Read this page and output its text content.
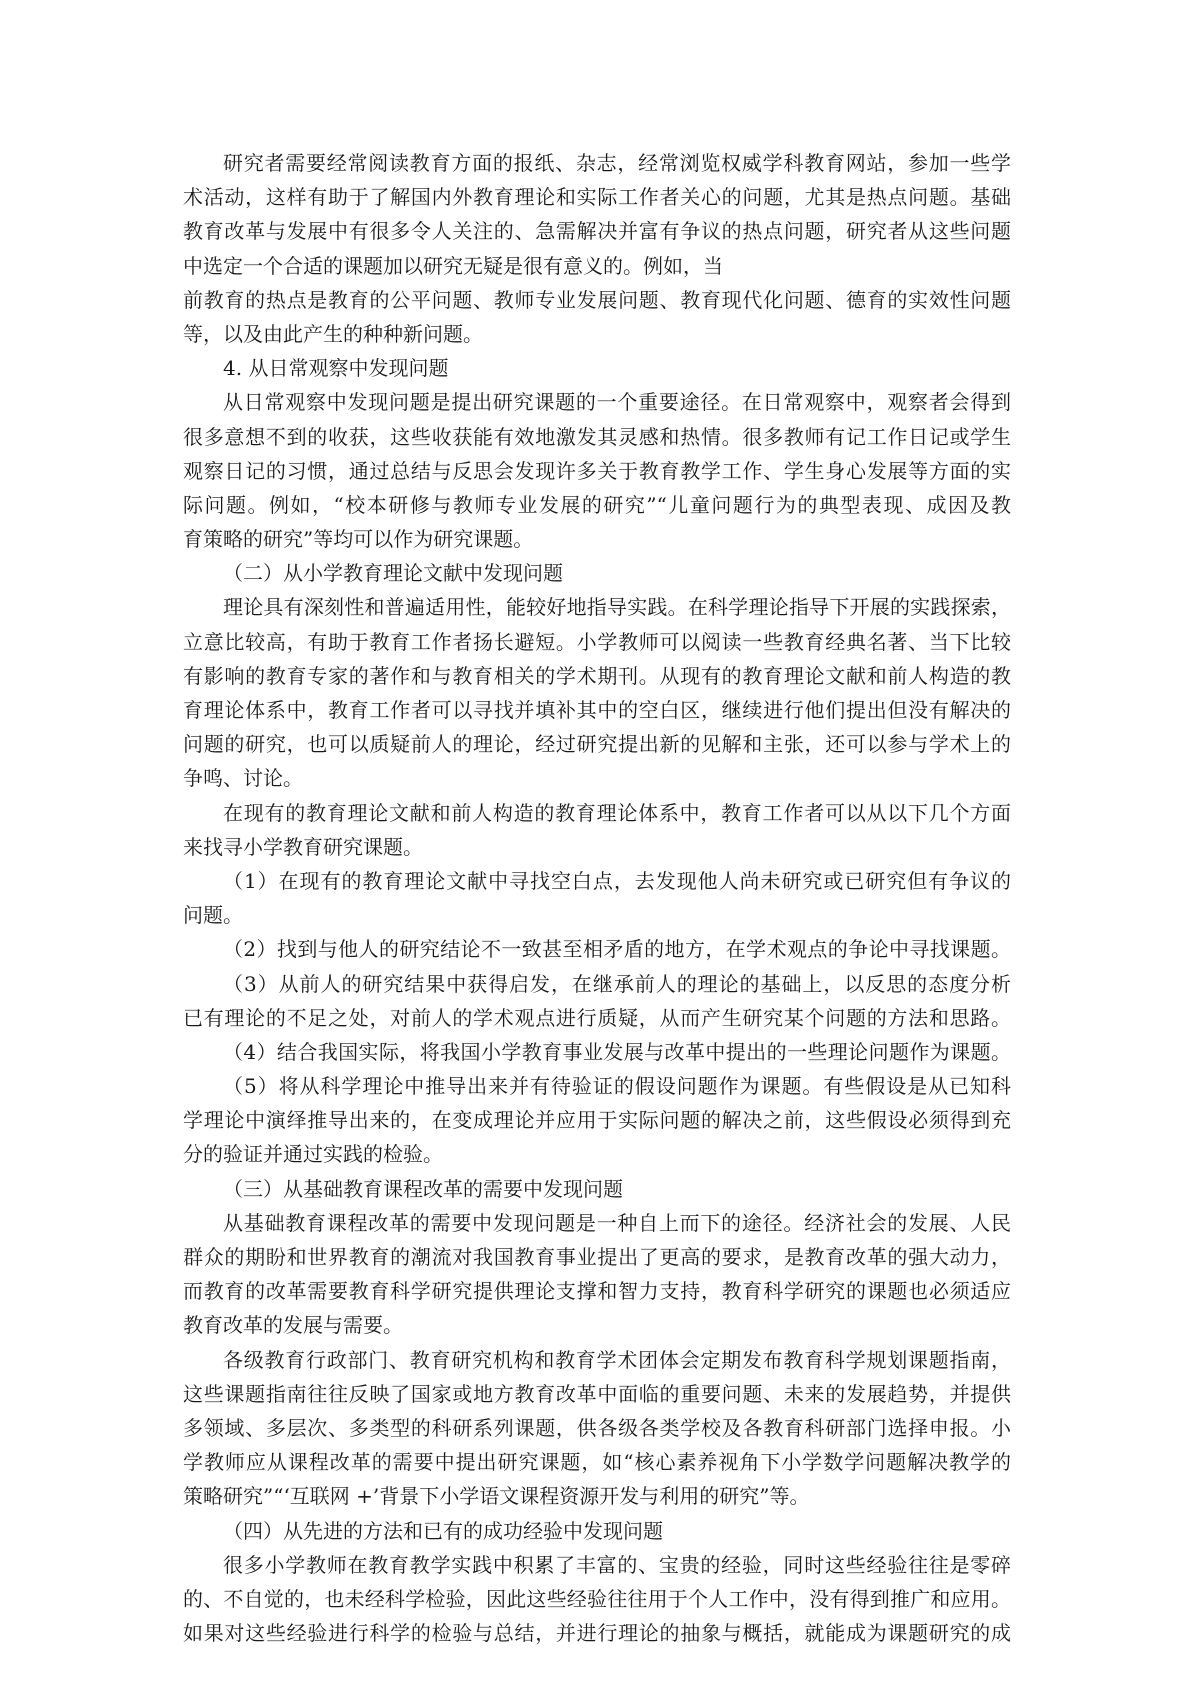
研究者需要经常阅读教育方面的报纸、杂志，经常浏览权威学科教育网站，参加一些学
术活动，这样有助于了解国内外教育理论和实际工作者关心的问题，尤其是热点问题。基础
教育改革与发展中有很多令人关注的、急需解决并富有争议的热点问题，研究者从这些问题
中选定一个合适的课题加以研究无疑是很有意义的。例如，当
前教育的热点是教育的公平问题、教师专业发展问题、教育现代化问题、德育的实效性问题
等，以及由此产生的种种新问题。
4. 从日常观察中发现问题
从日常观察中发现问题是提出研究课题的一个重要途径。在日常观察中，观察者会得到
很多意想不到的收获，这些收获能有效地激发其灵感和热情。很多教师有记工作日记或学生
观察日记的习惯，通过总结与反思会发现许多关于教育教学工作、学生身心发展等方面的实
际问题。例如，“校本研修与教师专业发展的研究”“儿童问题行为的典型表现、成因及教
育策略的研究”等均可以作为研究课题。
（二）从小学教育理论文献中发现问题
理论具有深刻性和普遍适用性，能较好地指导实践。在科学理论指导下开展的实践探索，
立意比较高，有助于教育工作者扬长避短。小学教师可以阅读一些教育经典名著、当下比较
有影响的教育专家的著作和与教育相关的学术期刊。从现有的教育理论文献和前人构造的教
育理论体系中，教育工作者可以寻找并填补其中的空白区，继续进行他们提出但没有解决的
问题的研究，也可以质疑前人的理论，经过研究提出新的见解和主张，还可以参与学术上的
争鸣、讨论。
在现有的教育理论文献和前人构造的教育理论体系中，教育工作者可以从以下几个方面
来找寻小学教育研究课题。
（1）在现有的教育理论文献中寻找空白点，去发现他人尚未研究或已研究但有争议的
问题。
（2）找到与他人的研究结论不一致甚至相矛盾的地方，在学术观点的争论中寻找课题。
（3）从前人的研究结果中获得启发，在继承前人的理论的基础上，以反思的态度分析
已有理论的不足之处，对前人的学术观点进行质疑，从而产生研究某个问题的方法和思路。
（4）结合我国实际，将我国小学教育事业发展与改革中提出的一些理论问题作为课题。
（5）将从科学理论中推导出来并有待验证的假设问题作为课题。有些假设是从已知科
学理论中演绎推导出来的，在变成理论并应用于实际问题的解决之前，这些假设必须得到充
分的验证并通过实践的检验。
（三）从基础教育课程改革的需要中发现问题
从基础教育课程改革的需要中发现问题是一种自上而下的途径。经济社会的发展、人民
群众的期盼和世界教育的潮流对我国教育事业提出了更高的要求，是教育改革的强大动力，
而教育的改革需要教育科学研究提供理论支撑和智力支持，教育科学研究的课题也必须适应
教育改革的发展与需要。
各级教育行政部门、教育研究机构和教育学术团体会定期发布教育科学规划课题指南，
这些课题指南往往反映了国家或地方教育改革中面临的重要问题、未来的发展趋势，并提供
多领域、多层次、多类型的科研系列课题，供各级各类学校及各教育科研部门选择申报。小
学教师应从课程改革的需要中提出研究课题，如“核心素养视角下小学数学问题解决教学的
策略研究”“‘互联网 +’背景下小学语文课程资源开发与利用的研究”等。
（四）从先进的方法和已有的成功经验中发现问题
很多小学教师在教育教学实践中积累了丰富的、宝贵的经验，同时这些经验往往是零碎
的、不自觉的，也未经科学检验，因此这些经验往往用于个人工作中，没有得到推广和应用。
如果对这些经验进行科学的检验与总结，并进行理论的抽象与概括，就能成为课题研究的成
